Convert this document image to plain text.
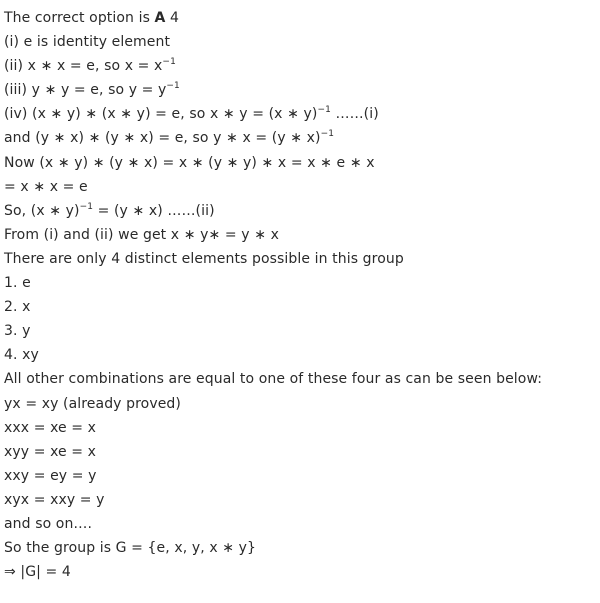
The correct option is A 4
(i) e is identity element
(ii) x ∗ x = e, so $x = x^{-1}$
(iii) y ∗ y = e, so $y = y^{-1}$
(iv) (x ∗ y) ∗ (x ∗ y) = e, so x ∗ y = (x ∗ y)$^{-1}$ ……(i)
and (y ∗ x) ∗ (y ∗ x) = e, so y ∗ x = (y ∗ x)$^{-1}$
Now (x ∗ y) ∗ (y ∗ x) = x ∗ (y ∗ y) ∗ x = x ∗ e ∗ x
= x ∗ x = e
So, (x ∗ y)$^{-1}$ = (y ∗ x) ……(ii)
From (i) and (ii) we get x ∗ y∗ = y ∗ x
There are only 4 distinct elements possible in this group
1. e
2. x
3. y
4. xy
All other combinations are equal to one of these four as can be seen below:
yx = xy (already proved)
xxx = xe = x
xyy = xe = x
xxy = ey = y
xyx = xxy = y
and so on….
So the group is G = {e, x, y, x ∗ y}
⇒ |G| = 4
